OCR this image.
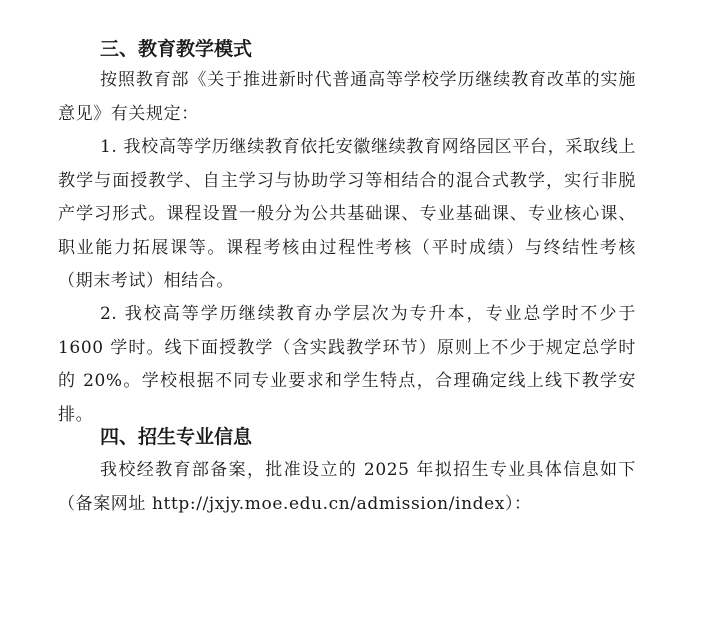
三、教育教学模式
按照教育部《关于推进新时代普通高等学校学历继续教育改革的实施意见》有关规定：
1. 我校高等学历继续教育依托安徽继续教育网络园区平台，采取线上教学与面授教学、自主学习与协助学习等相结合的混合式教学，实行非脱产学习形式。课程设置一般分为公共基础课、专业基础课、专业核心课、职业能力拓展课等。课程考核由过程性考核（平时成绩）与终结性考核（期末考试）相结合。
2. 我校高等学历继续教育办学层次为专升本，专业总学时不少于 1600 学时。线下面授教学（含实践教学环节）原则上不少于规定总学时的 20%。学校根据不同专业要求和学生特点，合理确定线上线下教学安排。
四、招生专业信息
我校经教育部备案，批准设立的 2025 年拟招生专业具体信息如下（备案网址 http://jxjy.moe.edu.cn/admission/index）：
